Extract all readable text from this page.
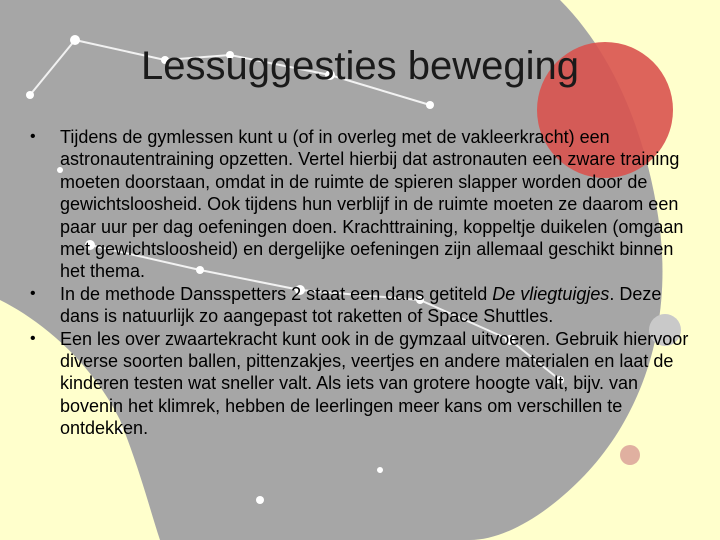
Lessuggesties beweging
• Tijdens de gymlessen kunt u (of in overleg met de vakleerkracht) een astronautentraining opzetten. Vertel hierbij dat astronauten een zware training moeten doorstaan, omdat in de ruimte de spieren slapper worden door de gewichtsloosheid. Ook tijdens hun verblijf in de ruimte moeten ze daarom een paar uur per dag oefeningen doen. Krachttraining, koppeltje duikelen (omgaan met gewichtsloosheid) en dergelijke oefeningen zijn allemaal geschikt binnen het thema.
• In de methode Dansspetters 2 staat een dans getiteld De vliegtuigjes. Deze dans is natuurlijk zo aangepast tot raketten of Space Shuttles.
• Een les over zwaartekracht kunt ook in de gymzaal uitvoeren. Gebruik hiervoor diverse soorten ballen, pittenzakjes, veertjes en andere materialen en laat de kinderen testen wat sneller valt. Als iets van grotere hoogte valt, bijv. van bovenin het klimrek, hebben de leerlingen meer kans om verschillen te ontdekken.
